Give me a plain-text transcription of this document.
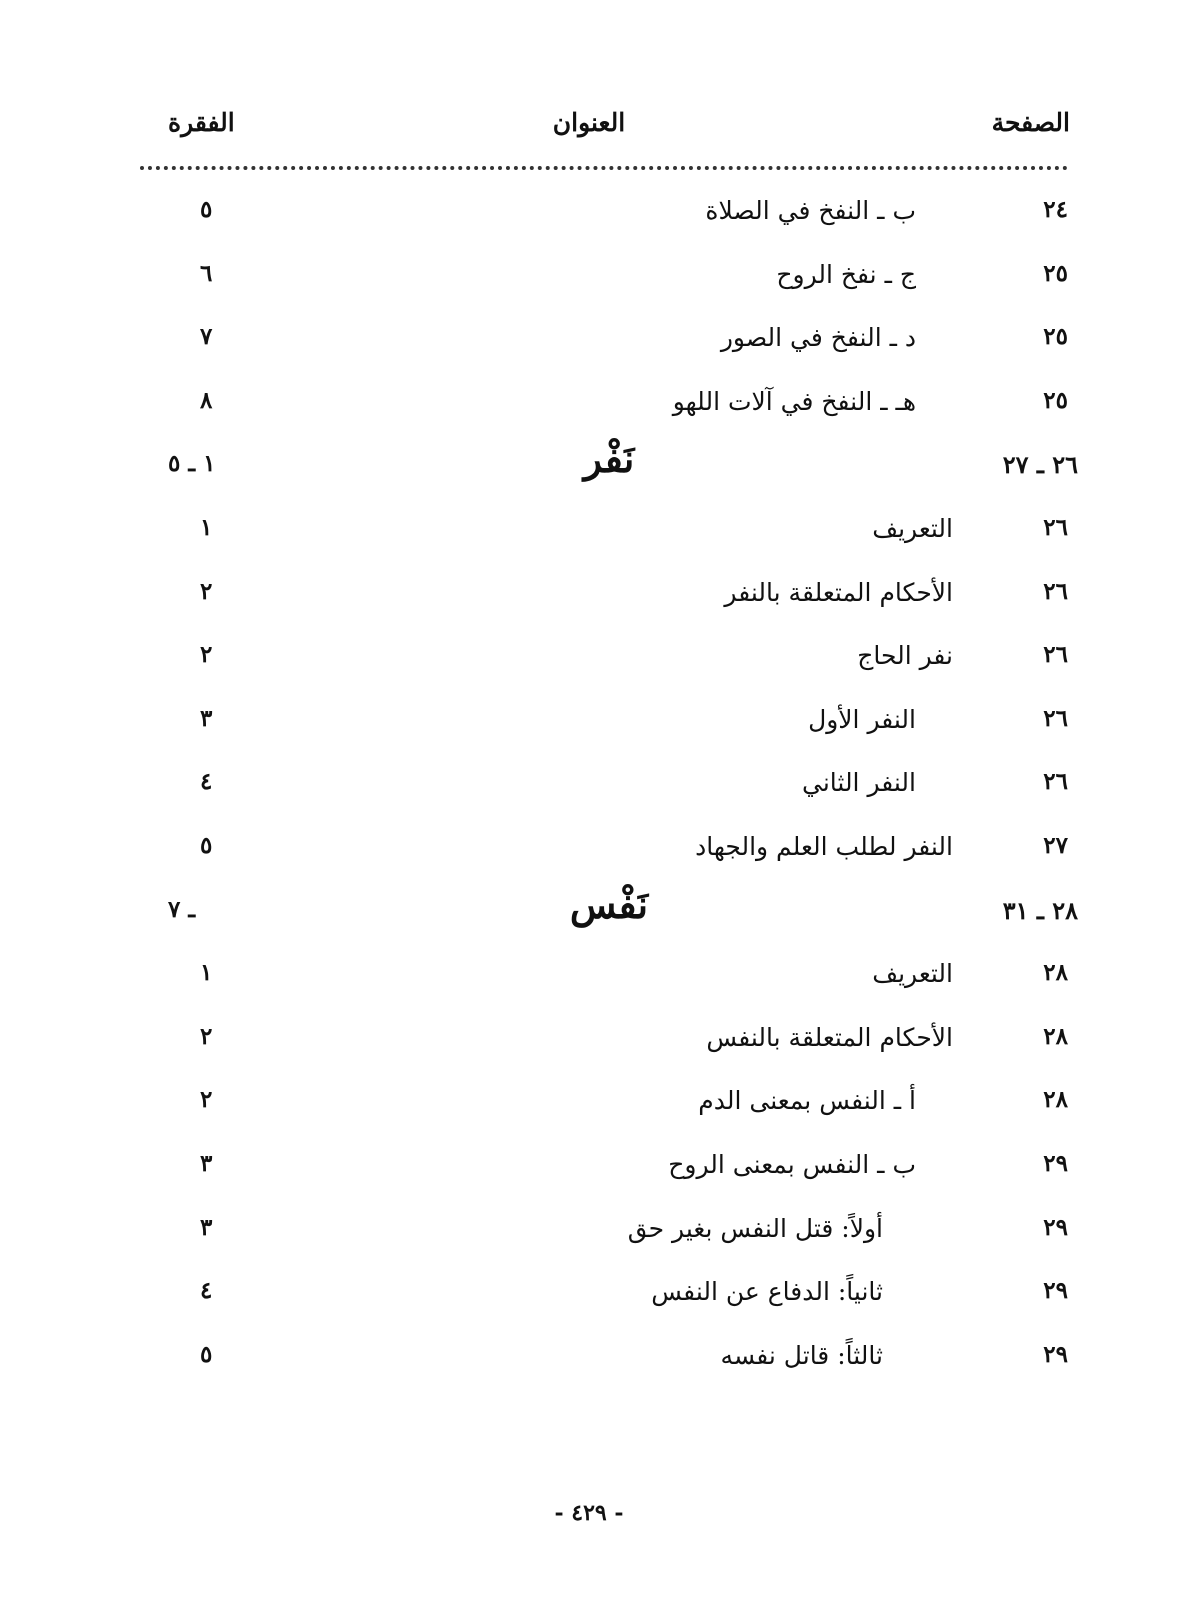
الصفحة
العنوان
الفقرة
٢٤
ب ـ النفخ في الصلاة
٥
٢٥
ج ـ نفخ الروح
٦
٢٥
د ـ النفخ في الصور
٧
٢٥
هـ ـ النفخ في آلات اللهو
٨
٢٦ ـ ٢٧
نَفْر
١ ـ ٥
٢٦
التعريف
١
٢٦
الأحكام المتعلقة بالنفر
٢
٢٦
نفر الحاج
٢
٢٦
النفر الأول
٣
٢٦
النفر الثاني
٤
٢٧
النفر لطلب العلم والجهاد
٥
٢٨ ـ ٣١
نَفْس
ـ ٧
٢٨
التعريف
١
٢٨
الأحكام المتعلقة بالنفس
٢
٢٨
أ ـ النفس بمعنى الدم
٢
٢٩
ب ـ النفس بمعنى الروح
٣
٢٩
أولاً: قتل النفس بغير حق
٣
٢٩
ثانياً: الدفاع عن النفس
٤
٢٩
ثالثاً: قاتل نفسه
٥
- ٤٢٩ -
